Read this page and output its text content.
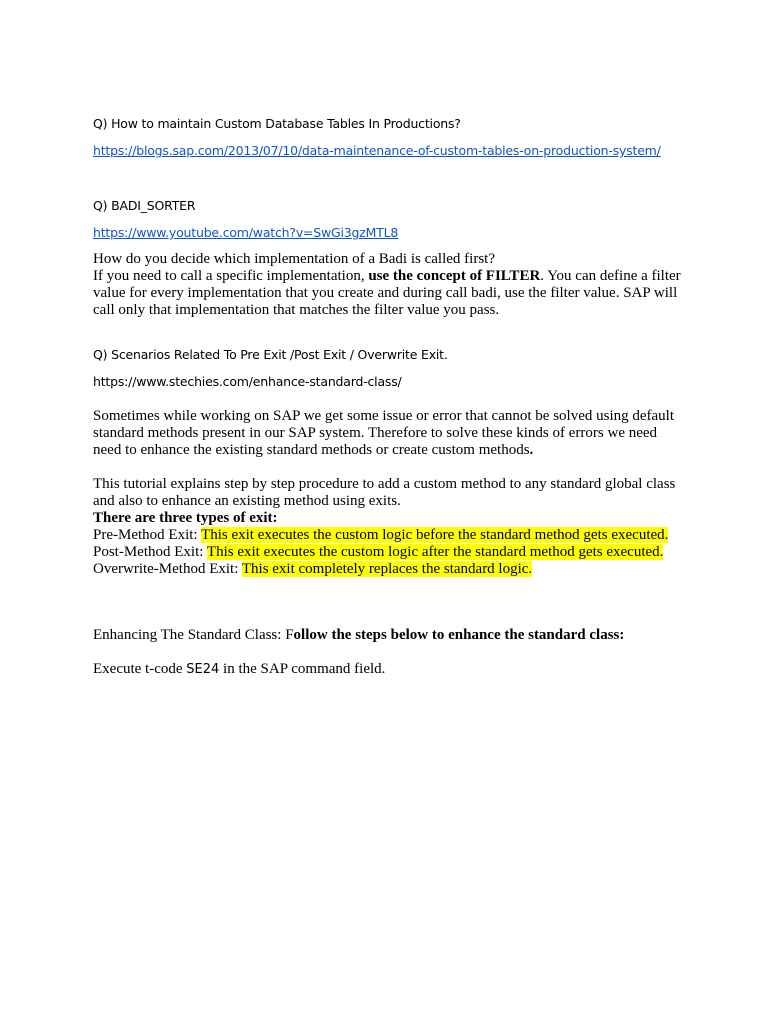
Q) How to maintain Custom Database Tables In Productions?
https://blogs.sap.com/2013/07/10/data-maintenance-of-custom-tables-on-production-system/
Q) BADI_SORTER
https://www.youtube.com/watch?v=SwGi3gzMTL8
How do you decide which implementation of a Badi is called first?
If you need to call a specific implementation, use the concept of FILTER. You can define a filter value for every implementation that you create and during call badi, use the filter value. SAP will call only that implementation that matches the filter value you pass.
Q) Scenarios Related To Pre Exit /Post Exit / Overwrite Exit.
https://www.stechies.com/enhance-standard-class/
Sometimes while working on SAP we get some issue or error that cannot be solved using default standard methods present in our SAP system. Therefore to solve these kinds of errors we need need to enhance the existing standard methods or create custom methods.
This tutorial explains step by step procedure to add a custom method to any standard global class and also to enhance an existing method using exits.
There are three types of exit:
Pre-Method Exit: This exit executes the custom logic before the standard method gets executed.
Post-Method Exit: This exit executes the custom logic after the standard method gets executed.
Overwrite-Method Exit: This exit completely replaces the standard logic.
Enhancing The Standard Class: Follow the steps below to enhance the standard class:
Execute t-code SE24 in the SAP command field.
